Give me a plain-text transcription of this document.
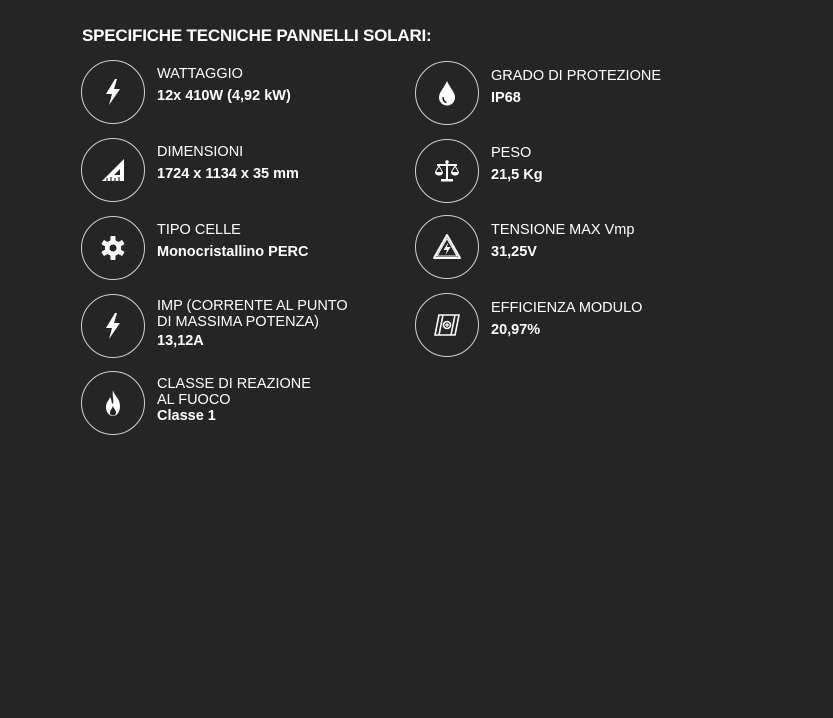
SPECIFICHE TECNICHE PANNELLI SOLARI:
WATTAGGIO
12x 410W (4,92 kW)
DIMENSIONI
1724 x 1134 x 35 mm
TIPO CELLE
Monocristallino PERC
IMP (CORRENTE AL PUNTO
DI MASSIMA POTENZA)
13,12A
CLASSE DI REAZIONE
AL FUOCO
Classe 1
GRADO DI PROTEZIONE
IP68
PESO
21,5 Kg
TENSIONE MAX Vmp
31,25V
EFFICIENZA MODULO
20,97%
